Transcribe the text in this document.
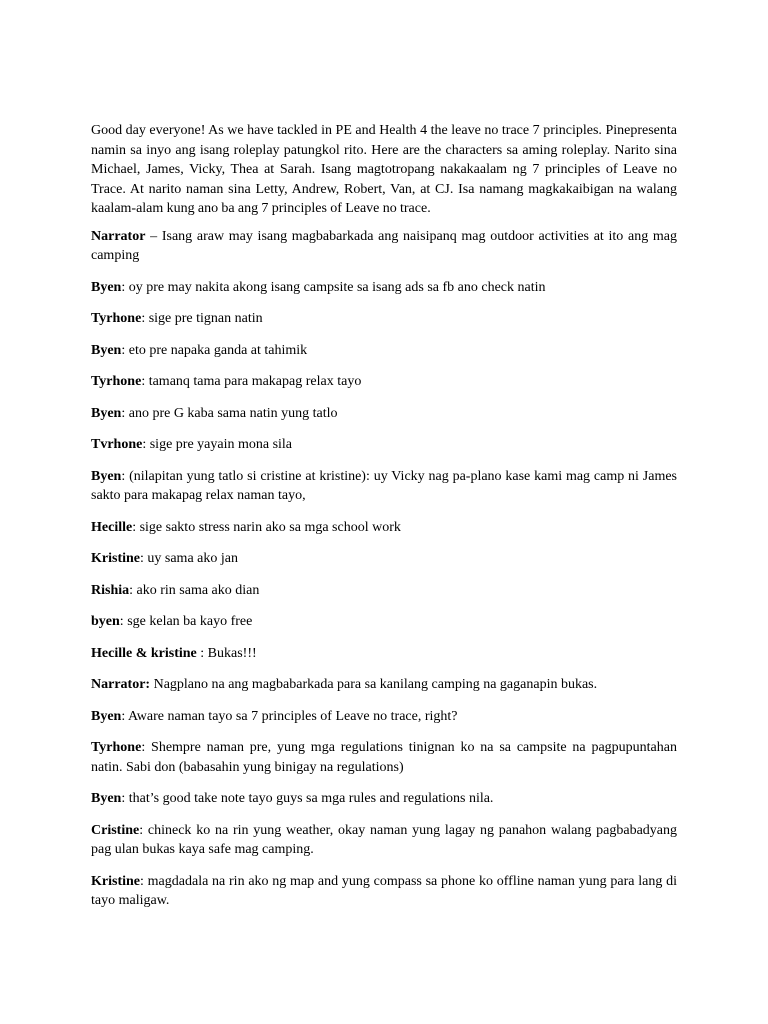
Good day everyone! As we have tackled in PE and Health 4 the leave no trace 7 principles. Pinepresenta namin sa inyo ang isang roleplay patungkol rito. Here are the characters sa aming roleplay. Narito sina Michael, James, Vicky, Thea at Sarah. Isang magtotropang nakakaalam ng 7 principles of Leave no Trace. At narito naman sina Letty, Andrew, Robert, Van, at CJ. Isa namang magkakaibigan na walang kaalam-alam kung ano ba ang 7 principles of Leave no trace.

Narrator – Isang araw may isang magbabarkada ang naisipanq mag outdoor activities at ito ang mag camping

Byen: oy pre may nakita akong isang campsite sa isang ads sa fb ano check natin

Tyrhone: sige pre tignan natin

Byen: eto pre napaka ganda at tahimik

Tyrhone: tamanq tama para makapag relax tayo

Byen: ano pre G kaba sama natin yung tatlo

Tvrhone: sige pre yayain mona sila

Byen: (nilapitan yung tatlo si cristine at kristine): uy Vicky nag pa-plano kase kami mag camp ni James sakto para makapag relax naman tayo,

Hecille: sige sakto stress narin ako sa mga school work

Kristine: uy sama ako jan

Rishia: ako rin sama ako dian

byen: sge kelan ba kayo free

Hecille & kristine : Bukas!!!

Narrator: Nagplano na ang magbabarkada para sa kanilang camping na gaganapin bukas.

Byen: Aware naman tayo sa 7 principles of Leave no trace, right?

Tyrhone: Shempre naman pre, yung mga regulations tinignan ko na sa campsite na pagpupuntahan natin. Sabi don (babasahin yung binigay na regulations)

Byen: that’s good take note tayo guys sa mga rules and regulations nila.

Cristine: chineck ko na rin yung weather, okay naman yung lagay ng panahon walang pagbabadyang pag ulan bukas kaya safe mag camping.

Kristine: magdadala na rin ako ng map and yung compass sa phone ko offline naman yung para lang di tayo maligaw.
